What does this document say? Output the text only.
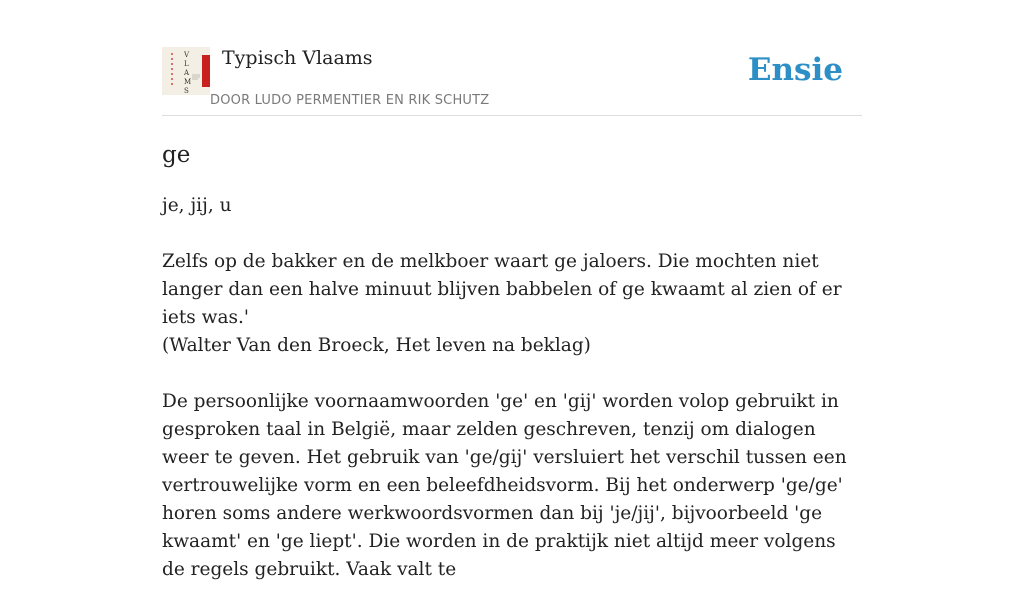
V
L
A
M
S
Typisch Vlaams
DOOR LUDO PERMENTIER EN RIK SCHUTZ
Ensie
ge

je, jij, u

Zelfs op de bakker en de melkboer waart ge jaloers. Die mochten niet langer dan een halve minuut blijven babbelen of ge kwaamt al zien of er iets was.'
(Walter Van den Broeck, Het leven na beklag)

De persoonlijke voornaamwoorden 'ge' en 'gij' worden volop gebruikt in gesproken taal in België, maar zelden geschreven, tenzij om dialogen weer te geven. Het gebruik van 'ge/gij' versluiert het verschil tussen een vertrouwelijke vorm en een beleefdheidsvorm. Bij het onderwerp 'ge/ge' horen soms andere werkwoordsvormen dan bij 'je/jij', bijvoorbeeld 'ge kwaamt' en 'ge liept'. Die worden in de praktijk niet altijd meer volgens de regels gebruikt. Vaak valt te
